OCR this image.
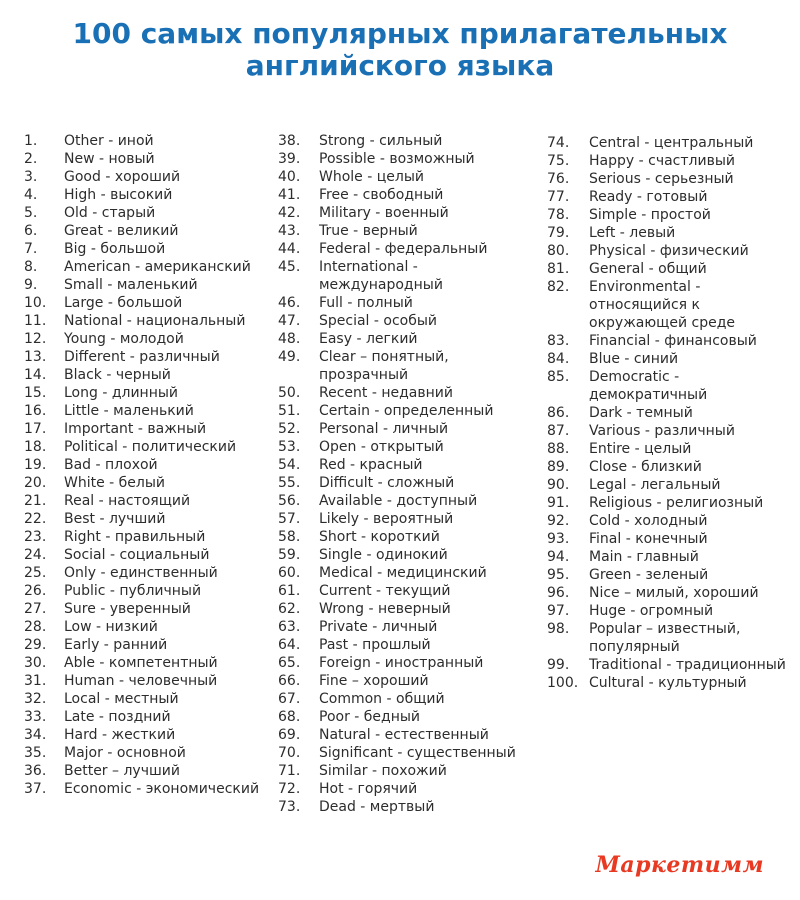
100 самых популярных прилагательных
английского языка
1.	Other - иной
2.	New - новый
3.	Good - хороший
4.	High - высокий
5.	Old - старый
6.	Great - великий
7.	Big - большой
8.	American - американский
9.	Small - маленький
10.	Large - большой
11.	National - национальный
12.	Young - молодой
13.	Different - различный
14.	Black - черный
15.	Long - длинный
16.	Little - маленький
17.	Important - важный
18.	Political - политический
19.	Bad - плохой
20.	White - белый
21.	Real - настоящий
22.	Best - лучший
23.	Right - правильный
24.	Social - социальный
25.	Only - единственный
26.	Public - публичный
27.	Sure - уверенный
28.	Low - низкий
29.	Early - ранний
30.	Able - компетентный
31.	Human - человечный
32.	Local - местный
33.	Late - поздний
34.	Hard - жесткий
35.	Major - основной
36.	Better – лучший
37.	Economic - экономический
38.	Strong - сильный
39.	Possible - возможный
40.	Whole - целый
41.	Free - свободный
42.	Military - военный
43.	True - верный
44.	Federal - федеральный
45.	International - международный
46.	Full - полный
47.	Special - особый
48.	Easy - легкий
49.	Clear – понятный, прозрачный
50.	Recent - недавний
51.	Certain - определенный
52.	Personal - личный
53.	Open - открытый
54.	Red - красный
55.	Difficult - сложный
56.	Available - доступный
57.	Likely - вероятный
58.	Short - короткий
59.	Single - одинокий
60.	Medical - медицинский
61.	Current - текущий
62.	Wrong - неверный
63.	Private - личный
64.	Past - прошлый
65.	Foreign - иностранный
66.	Fine – хороший
67.	Common - общий
68.	Poor - бедный
69.	Natural - естественный
70.	Significant - существенный
71.	Similar - похожий
72.	Hot - горячий
73.	Dead - мертвый
74.	Central - центральный
75.	Happy - счастливый
76.	Serious - серьезный
77.	Ready - готовый
78.	Simple - простой
79.	Left - левый
80.	Physical - физический
81.	General - общий
82.	Environmental - относящийся к окружающей среде
83.	Financial - финансовый
84.	Blue - синий
85.	Democratic - демократичный
86.	Dark - темный
87.	Various - различный
88.	Entire - целый
89.	Close - близкий
90.	Legal - легальный
91.	Religious - религиозный
92.	Cold - холодный
93.	Final - конечный
94.	Main - главный
95.	Green - зеленый
96.	Nice – милый, хороший
97.	Huge - огромный
98.	Popular – известный, популярный
99.	Traditional - традиционный
100. Cultural - культурный
Маркетимм
